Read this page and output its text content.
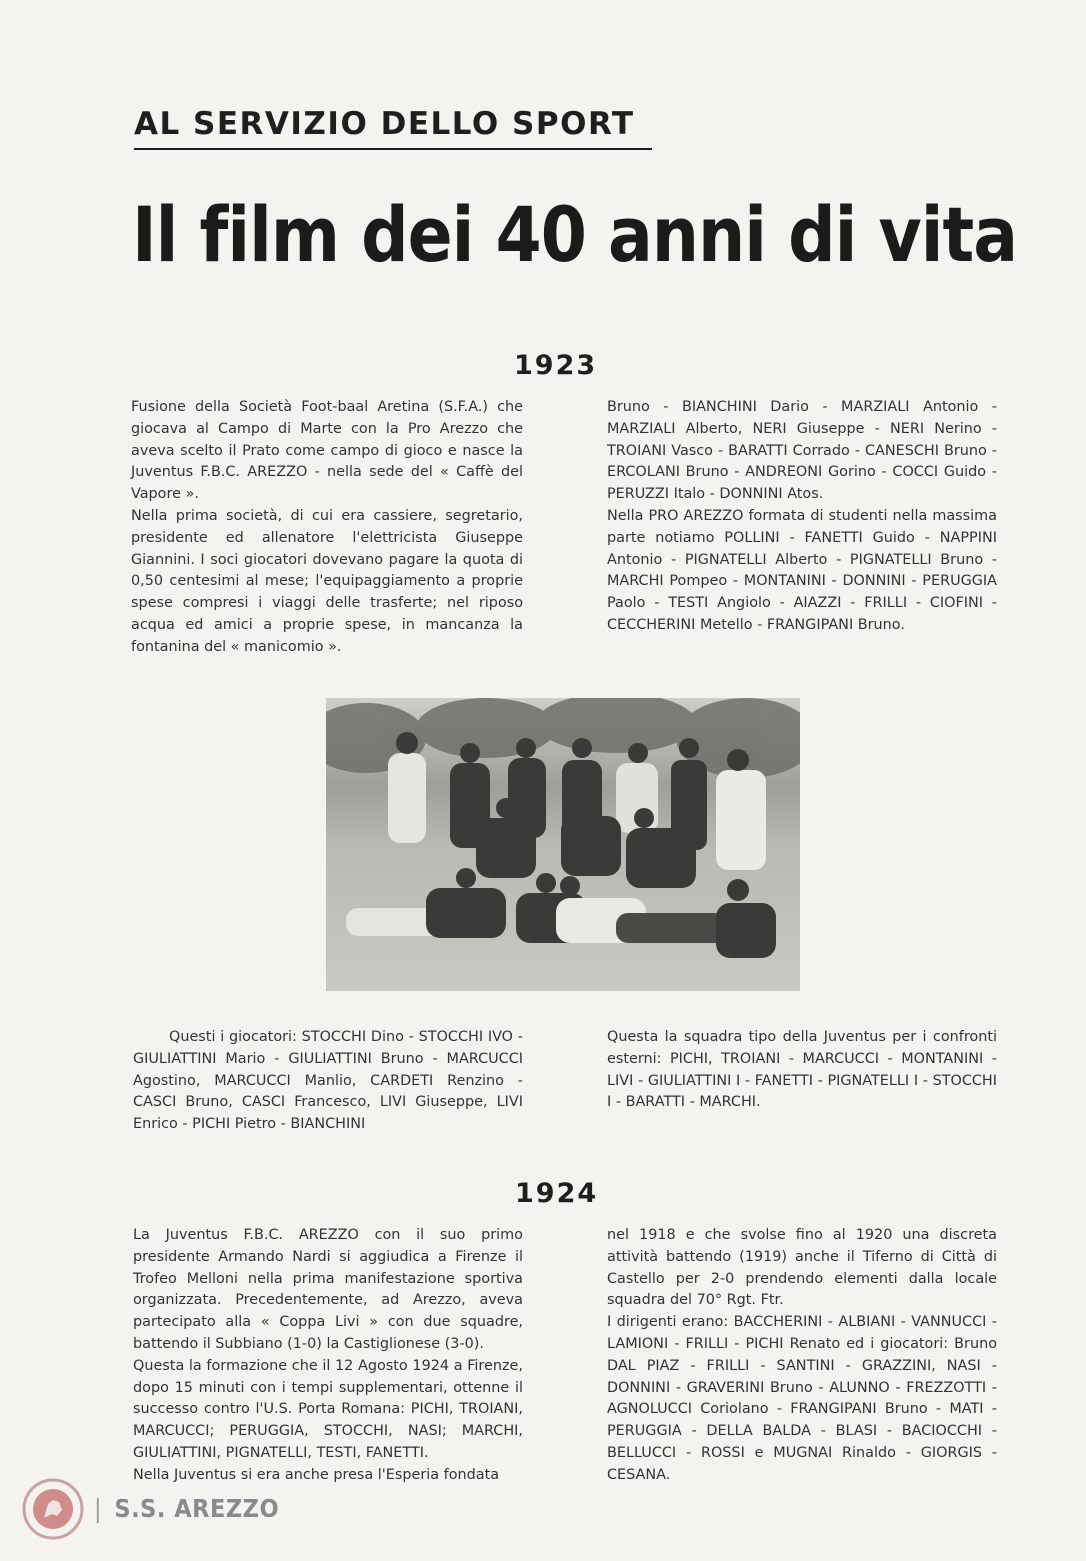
AL SERVIZIO DELLO SPORT
Il film dei 40 anni di vita
1923

Fusione della Società Foot-baal Aretina (S.F.A.) che giocava al Campo di Marte con la Pro Arezzo che aveva scelto il Prato come campo di gioco e nasce la Juventus F.B.C. AREZZO - nella sede del « Caffè del Vapore ».

Nella prima società, di cui era cassiere, segretario, presidente ed allenatore l'elettricista Giuseppe Giannini. I soci giocatori dovevano pagare la quota di 0,50 centesimi al mese; l'equipaggiamento a proprie spese compresi i viaggi delle trasferte; nel riposo acqua ed amici a proprie spese, in mancanza la fontanina del « manicomio ».

Bruno - BIANCHINI Dario - MARZIALI Antonio - MARZIALI Alberto, NERI Giuseppe - NERI Nerino - TROIANI Vasco - BARATTI Corrado - CANESCHI Bruno - ERCOLANI Bruno - ANDREONI Gorino - COCCI Guido - PERUZZI Italo - DONNINI Atos.

Nella PRO AREZZO formata di studenti nella massima parte notiamo POLLINI - FANETTI Guido - NAPPINI Antonio - PIGNATELLI Alberto - PIGNATELLI Bruno - MARCHI Pompeo - MONTANINI - DONNINI - PERUGGIA Paolo - TESTI Angiolo - AIAZZI - FRILLI - CIOFINI - CECCHERINI Metello - FRANGIPANI Bruno.

Questi i giocatori: STOCCHI Dino - STOCCHI IVO - GIULIATTINI Mario - GIULIATTINI Bruno - MARCUCCI Agostino, MARCUCCI Manlio, CARDETI Renzino - CASCI Bruno, CASCI Francesco, LIVI Giuseppe, LIVI Enrico - PICHI Pietro - BIANCHINI

Questa la squadra tipo della Juventus per i confronti esterni: PICHI, TROIANI - MARCUCCI - MONTANINI - LIVI - GIULIATTINI I - FANETTI - PIGNATELLI I - STOCCHI I - BARATTI - MARCHI.

1924

La Juventus F.B.C. AREZZO con il suo primo presidente Armando Nardi si aggiudica a Firenze il Trofeo Melloni nella prima manifestazione sportiva organizzata. Precedentemente, ad Arezzo, aveva partecipato alla « Coppa Livi » con due squadre, battendo il Subbiano (1-0) la Castiglionese (3-0).

Questa la formazione che il 12 Agosto 1924 a Firenze, dopo 15 minuti con i tempi supplementari, ottenne il successo contro l'U.S. Porta Romana: PICHI, TROIANI, MARCUCCI; PERUGGIA, STOCCHI, NASI; MARCHI, GIULIATTINI, PIGNATELLI, TESTI, FANETTI.

Nella Juventus si era anche presa l'Esperia fondata

nel 1918 e che svolse fino al 1920 una discreta attività battendo (1919) anche il Tiferno di Città di Castello per 2-0 prendendo elementi dalla locale squadra del 70° Rgt. Ftr.

I dirigenti erano: BACCHERINI - ALBIANI - VANNUCCI - LAMIONI - FRILLI - PICHI Renato ed i giocatori: Bruno DAL PIAZ - FRILLI - SANTINI - GRAZZINI, NASI - DONNINI - GRAVERINI Bruno - ALUNNO - FREZZOTTI - AGNOLUCCI Coriolano - FRANGIPANI Bruno - MATI - PERUGGIA - DELLA BALDA - BLASI - BACIOCCHI - BELLUCCI - ROSSI e MUGNAI Rinaldo - GIORGIS - CESANA.

| S.S. AREZZO
